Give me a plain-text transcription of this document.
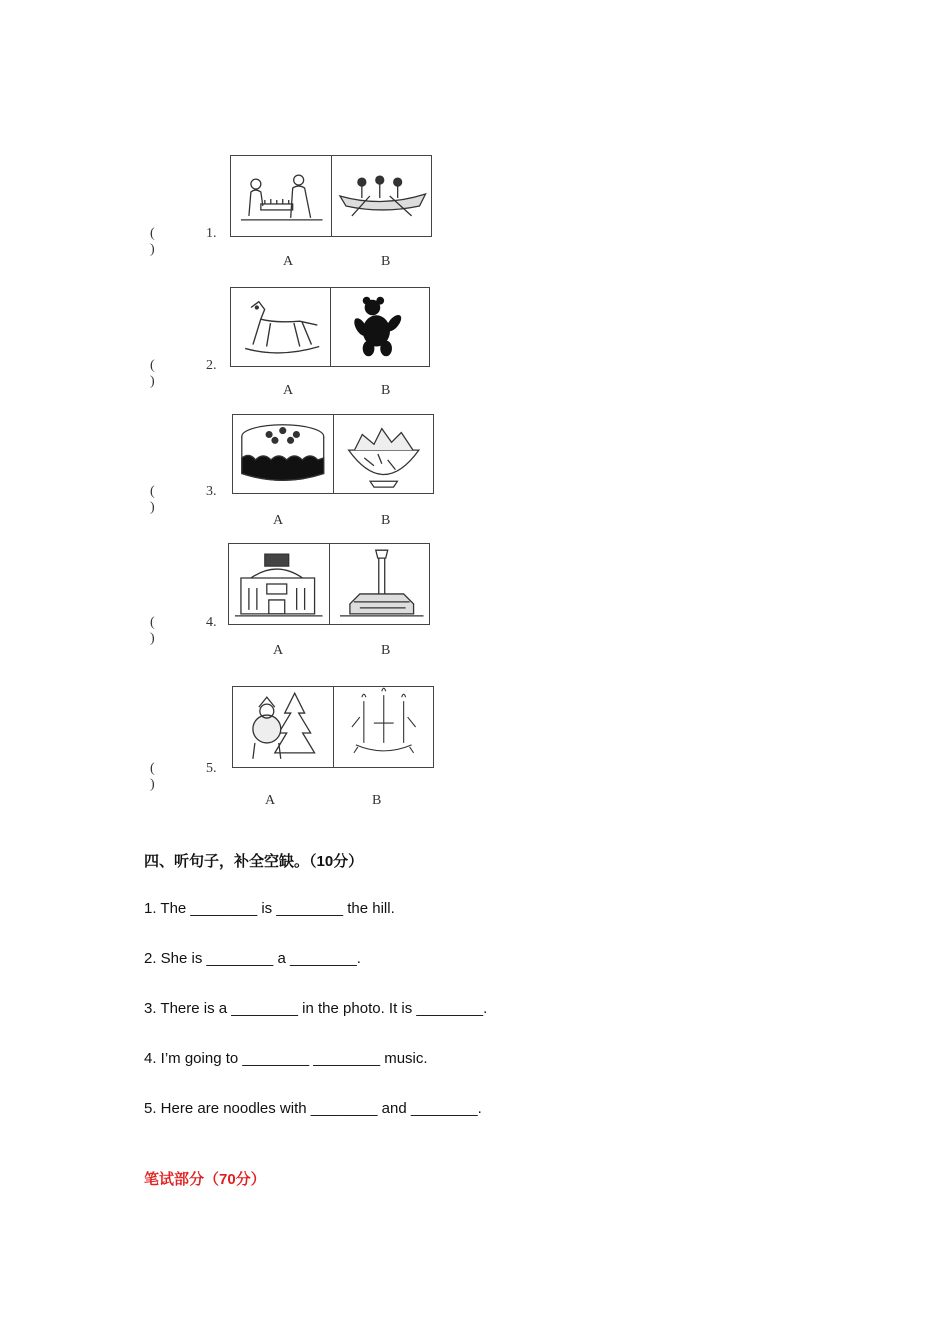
( )
1.
A	B
( )
2.
A	B
( )
3.
A	B
( )
4.
A	B
( )
5.
A	B
四、听句子，补全空缺。（10分）
1. The ________ is ________ the hill.
2. She is ________ a ________.
3. There is a ________ in the photo. It is ________.
4. I’m going to ________ ________ music.
5. Here are noodles with ________ and ________.
笔试部分（70分）
